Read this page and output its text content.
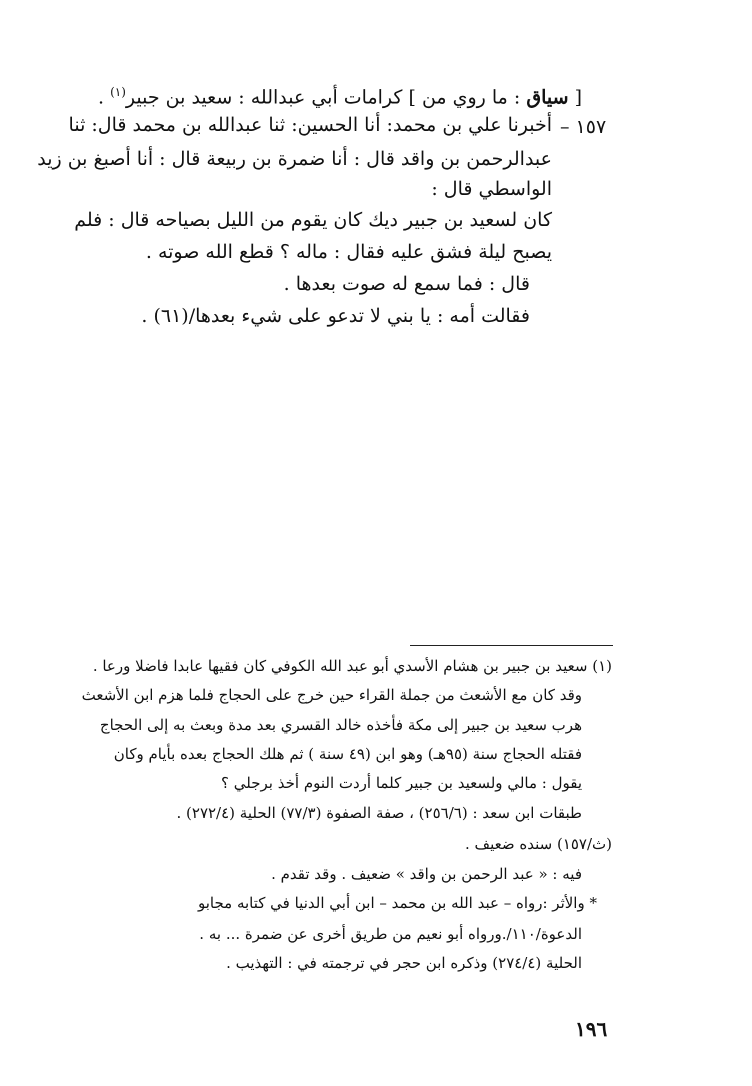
[ سياق : ما روي من ] كرامات أبي عبدالله : سعيد بن جبير$^{(١)}$ .
١٥٧ –
أخبرنا علي بن محمد: أنا الحسين: ثنا عبدالله بن محمد قال: ثنا
عبدالرحمن بن واقد قال : أنا ضمرة بن ربيعة قال : أنا أصبغ بن زيد
الواسطي قال :
كان لسعيد بن جبير ديك كان يقوم من الليل بصياحه قال : فلم
يصبح ليلة فشق عليه فقال : ماله ؟ قطع الله صوته .
قال : فما سمع له صوت بعدها .
فقالت أمه : يا بني لا تدعو على شيء بعدها/(٦١) .
(١) سعيد بن جبير بن هشام الأسدي أبو عبد الله الكوفي كان فقيها عابدا فاضلا ورعا .
وقد كان مع الأشعث من جملة القراء حين خرج على الحجاج فلما هزم ابن الأشعث
هرب سعيد بن جبير إلى مكة فأخذه خالد القسري بعد مدة وبعث به إلى الحجاج
فقتله الحجاج سنة (٩٥هـ) وهو ابن (٤٩ سنة ) ثم هلك الحجاج بعده بأيام وكان
يقول : مالي ولسعيد بن جبير كلما أردت النوم أخذ برجلي ؟
طبقات ابن سعد : (٢٥٦/٦) ، صفة الصفوة (٧٧/٣) الحلية (٢٧٢/٤) .
(ث/١٥٧) سنده ضعيف .
فيه : « عبد الرحمن بن واقد » ضعيف . وقد تقدم .
* والأثر :رواه – عبد الله بن محمد – ابن أبي الدنيا في كتابه مجابو
الدعوة/١١٠/.ورواه أبو نعيم من طريق أخرى عن ضمرة ... به .
الحلية (٢٧٤/٤) وذكره ابن حجر في ترجمته في : التهذيب .
١٩٦
